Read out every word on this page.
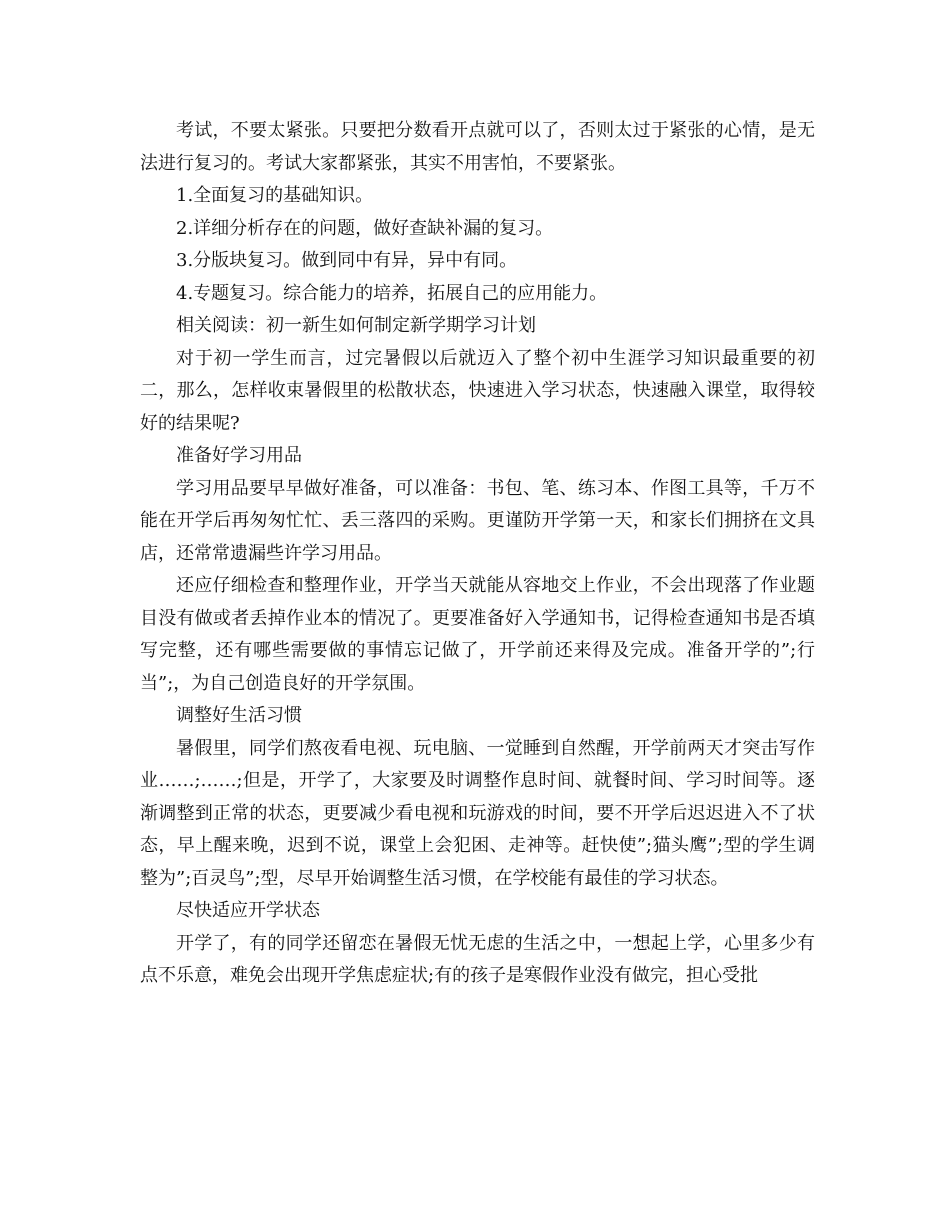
考试，不要太紧张。只要把分数看开点就可以了，否则太过于紧张的心情，是无法进行复习的。考试大家都紧张，其实不用害怕，不要紧张。

1.全面复习的基础知识。

2.详细分析存在的问题，做好查缺补漏的复习。

3.分版块复习。做到同中有异，异中有同。

4.专题复习。综合能力的培养，拓展自己的应用能力。

相关阅读：初一新生如何制定新学期学习计划

对于初一学生而言，过完暑假以后就迈入了整个初中生涯学习知识最重要的初二，那么，怎样收束暑假里的松散状态，快速进入学习状态，快速融入课堂，取得较好的结果呢?

准备好学习用品

学习用品要早早做好准备，可以准备：书包、笔、练习本、作图工具等，千万不能在开学后再匆匆忙忙、丢三落四的采购。更谨防开学第一天，和家长们拥挤在文具店，还常常遗漏些许学习用品。

还应仔细检查和整理作业，开学当天就能从容地交上作业，不会出现落了作业题目没有做或者丢掉作业本的情况了。更要准备好入学通知书，记得检查通知书是否填写完整，还有哪些需要做的事情忘记做了，开学前还来得及完成。准备开学的”;行当”;，为自己创造良好的开学氛围。

调整好生活习惯

暑假里，同学们熬夜看电视、玩电脑、一觉睡到自然醒，开学前两天才突击写作业……;……;但是，开学了，大家要及时调整作息时间、就餐时间、学习时间等。逐渐调整到正常的状态，更要减少看电视和玩游戏的时间，要不开学后迟迟进入不了状态，早上醒来晚，迟到不说，课堂上会犯困、走神等。赶快使”;猫头鹰”;型的学生调整为”;百灵鸟”;型，尽早开始调整生活习惯，在学校能有最佳的学习状态。

尽快适应开学状态

开学了，有的同学还留恋在暑假无忧无虑的生活之中，一想起上学，心里多少有点不乐意，难免会出现开学焦虑症状;有的孩子是寒假作业没有做完，担心受批
